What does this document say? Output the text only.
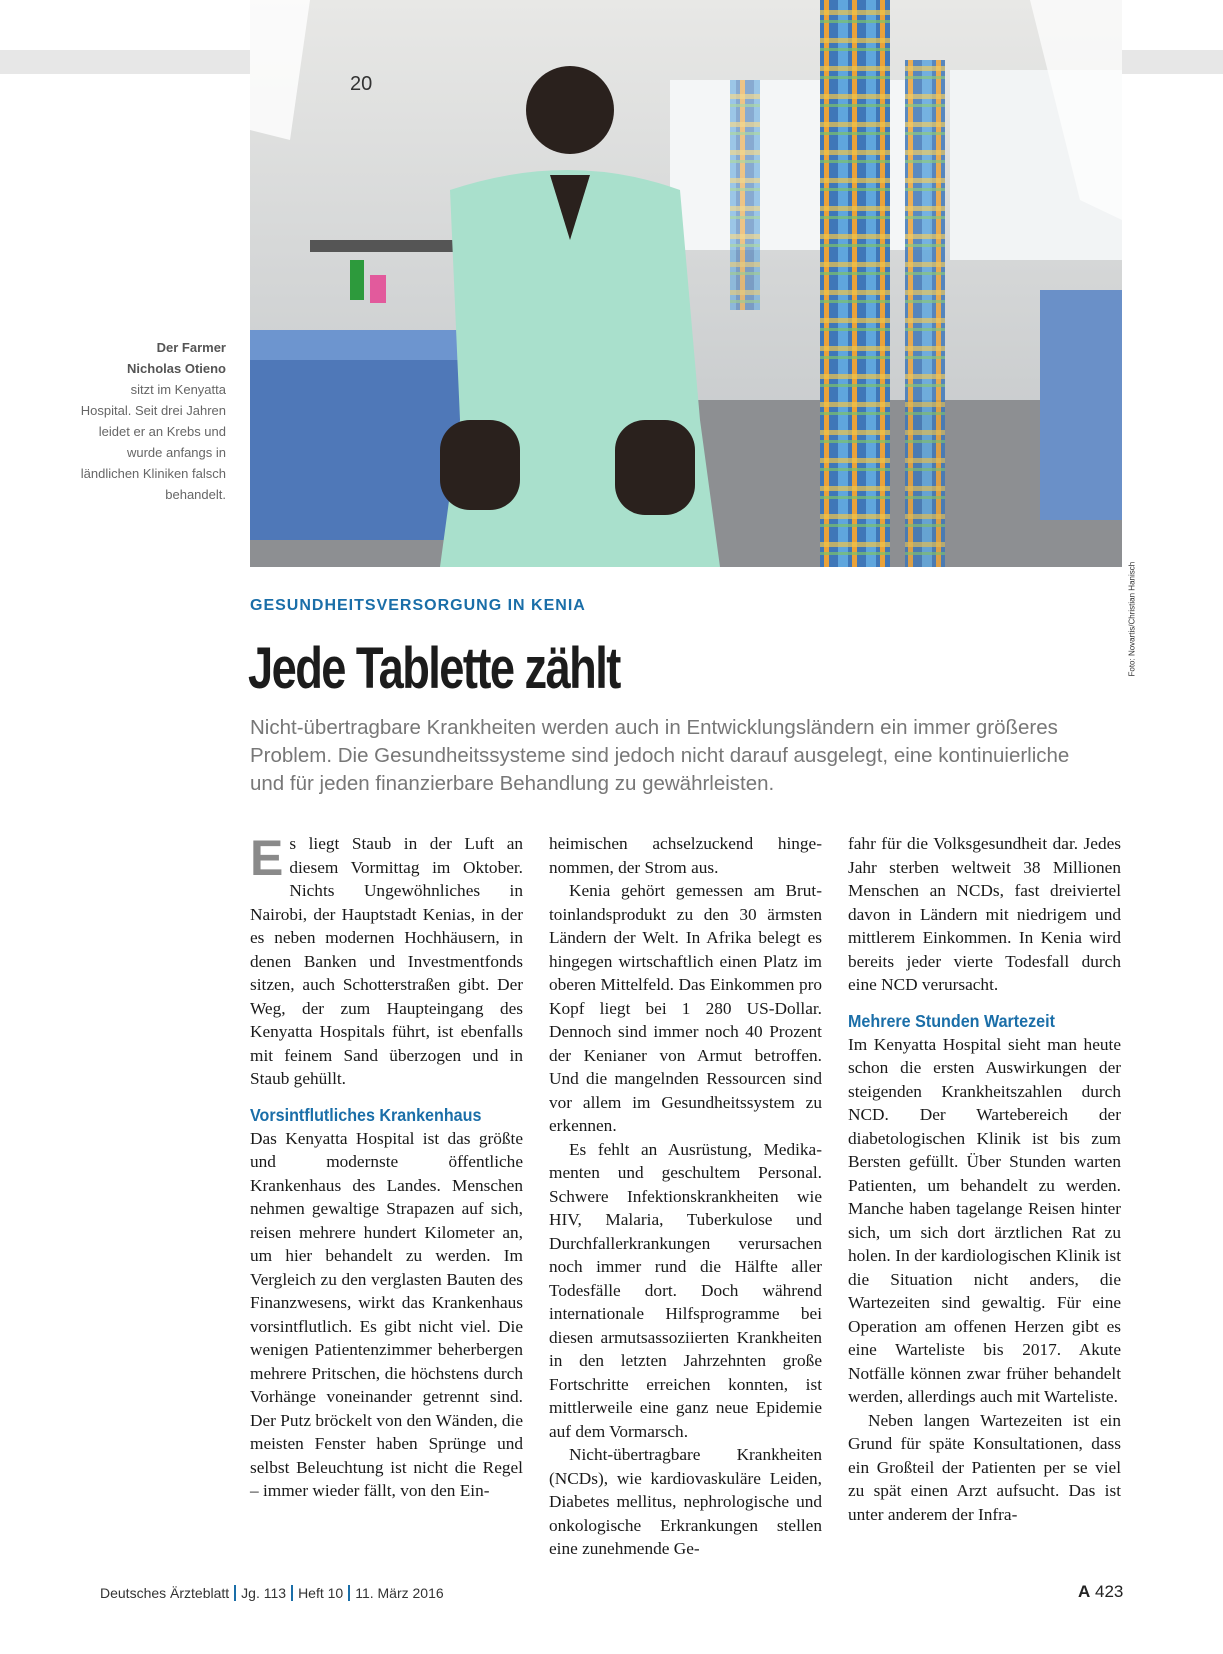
20
Foto: Novartis/Christian Hanisch
Der Farmer
Nicholas Otieno
sitzt im Kenyatta Hospital. Seit drei Jahren leidet er an Krebs und wurde anfangs in ländlichen Kliniken falsch behandelt.
GESUNDHEITSVERSORGUNG IN KENIA
Jede Tablette zählt
Nicht-übertragbare Krankheiten werden auch in Entwicklungsländern ein immer größeres Problem. Die Gesundheitssysteme sind jedoch nicht darauf ausgelegt, eine kontinuierliche und für jeden finanzierbare Behandlung zu gewährleisten.

Es liegt Staub in der Luft an diesem Vormittag im Oktober. Nichts Ungewöhnliches in Nairobi, der Hauptstadt Kenias, in der es neben modernen Hochhäusern, in denen Banken und Investmentfonds sitzen, auch Schotterstraßen gibt. Der Weg, der zum Haupteingang des Kenyatta Hospitals führt, ist ebenfalls mit feinem Sand überzogen und in Staub gehüllt.

Vorsintflutliches Krankenhaus

Das Kenyatta Hospital ist das größte und modernste öffentliche Krankenhaus des Landes. Menschen nehmen gewaltige Strapazen auf sich, reisen mehrere hundert Kilometer an, um hier behandelt zu werden. Im Vergleich zu den verglasten Bauten des Finanzwesens, wirkt das Krankenhaus vorsintflutlich. Es gibt nicht viel. Die wenigen Patientenzimmer beherbergen mehrere Pritschen, die höchstens durch Vorhänge voneinander getrennt sind. Der Putz bröckelt von den Wänden, die meisten Fenster haben Sprünge und selbst Beleuchtung ist nicht die Regel – immer wieder fällt, von den Ein-

heimischen achselzuckend hingenommen, der Strom aus.

Kenia gehört gemessen am Bruttoinlandsprodukt zu den 30 ärmsten Ländern der Welt. In Afrika belegt es hingegen wirtschaftlich einen Platz im oberen Mittelfeld. Das Einkommen pro Kopf liegt bei 1 280 US-Dollar. Dennoch sind immer noch 40 Prozent der Kenianer von Armut betroffen. Und die mangelnden Ressourcen sind vor allem im Gesundheitssystem zu erkennen.

Es fehlt an Ausrüstung, Medikamenten und geschultem Personal. Schwere Infektionskrankheiten wie HIV, Malaria, Tuberkulose und Durchfallerkrankungen verursachen noch immer rund die Hälfte aller Todesfälle dort. Doch während internationale Hilfsprogramme bei diesen armutsassoziierten Krankheiten in den letzten Jahrzehnten große Fortschritte erreichen konnten, ist mittlerweile eine ganz neue Epidemie auf dem Vormarsch.

Nicht-übertragbare Krankheiten (NCDs), wie kardiovaskuläre Leiden, Diabetes mellitus, nephrologische und onkologische Erkrankungen stellen eine zunehmende Ge-

fahr für die Volksgesundheit dar. Jedes Jahr sterben weltweit 38 Millionen Menschen an NCDs, fast dreiviertel davon in Ländern mit niedrigem und mittlerem Einkommen. In Kenia wird bereits jeder vierte Todesfall durch eine NCD verursacht.

Mehrere Stunden Wartezeit

Im Kenyatta Hospital sieht man heute schon die ersten Auswirkungen der steigenden Krankheitszahlen durch NCD. Der Wartebereich der diabetologischen Klinik ist bis zum Bersten gefüllt. Über Stunden warten Patienten, um behandelt zu werden. Manche haben tagelange Reisen hinter sich, um sich dort ärztlichen Rat zu holen. In der kardiologischen Klinik ist die Situation nicht anders, die Wartezeiten sind gewaltig. Für eine Operation am offenen Herzen gibt es eine Warteliste bis 2017. Akute Notfälle können zwar früher behandelt werden, allerdings auch mit Warteliste.

Neben langen Wartezeiten ist ein Grund für späte Konsultationen, dass ein Großteil der Patienten per se viel zu spät einen Arzt aufsucht. Das ist unter anderem der Infra-

Deutsches Ärzteblatt Jg. 113 Heft 10 11. März 2016	A 423
